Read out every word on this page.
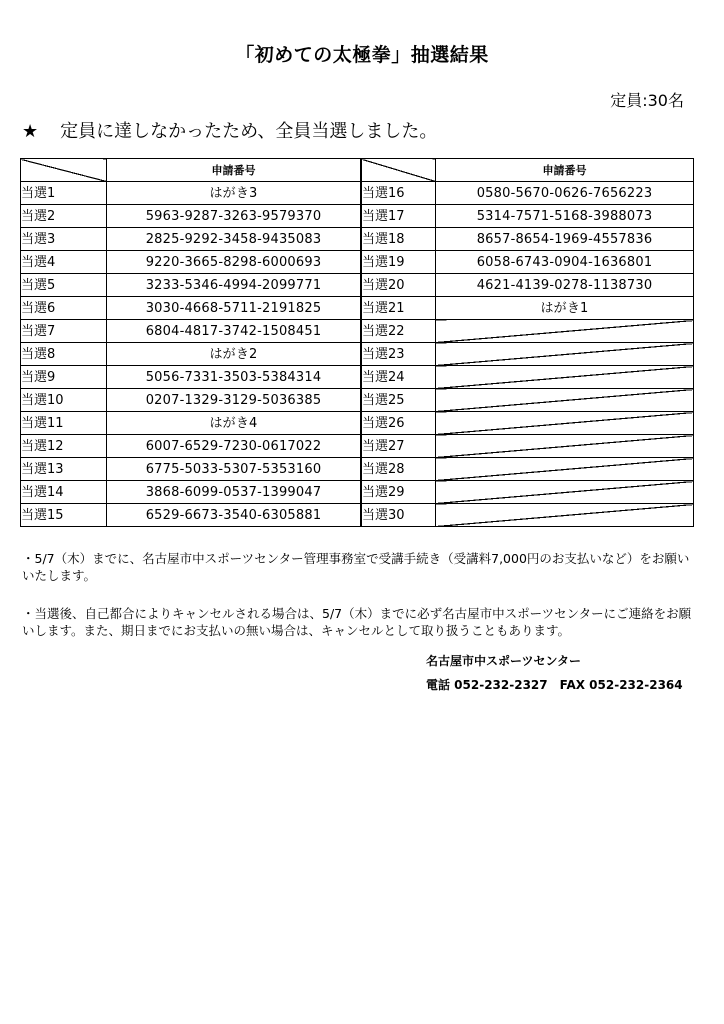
「初めての太極拳」抽選結果
定員:30名
★ 定員に達しなかったため、全員当選しました。
	申請番号
当選1	はがき3
当選2	5963-9287-3263-9579370
当選3	2825-9292-3458-9435083
当選4	9220-3665-8298-6000693
当選5	3233-5346-4994-2099771
当選6	3030-4668-5711-2191825
当選7	6804-4817-3742-1508451
当選8	はがき2
当選9	5056-7331-3503-5384314
当選10	0207-1329-3129-5036385
当選11	はがき4
当選12	6007-6529-7230-0617022
当選13	6775-5033-5307-5353160
当選14	3868-6099-0537-1399047
当選15	6529-6673-3540-6305881
	申請番号
当選16	0580-5670-0626-7656223
当選17	5314-7571-5168-3988073
当選18	8657-8654-1969-4557836
当選19	6058-6743-0904-1636801
当選20	4621-4139-0278-1138730
当選21	はがき1
当選22	
当選23	
当選24	
当選25	
当選26	
当選27	
当選28	
当選29	
当選30	
・5/7（木）までに、名古屋市中スポーツセンター管理事務室で受講手続き（受講料7,000円のお支払いなど）をお願いいたします。
・当選後、自己都合によりキャンセルされる場合は、5/7（木）までに必ず名古屋市中スポーツセンターにご連絡をお願いします。また、期日までにお支払いの無い場合は、キャンセルとして取り扱うこともあります。
名古屋市中スポーツセンター
電話 052-232-2327　FAX 052-232-2364
